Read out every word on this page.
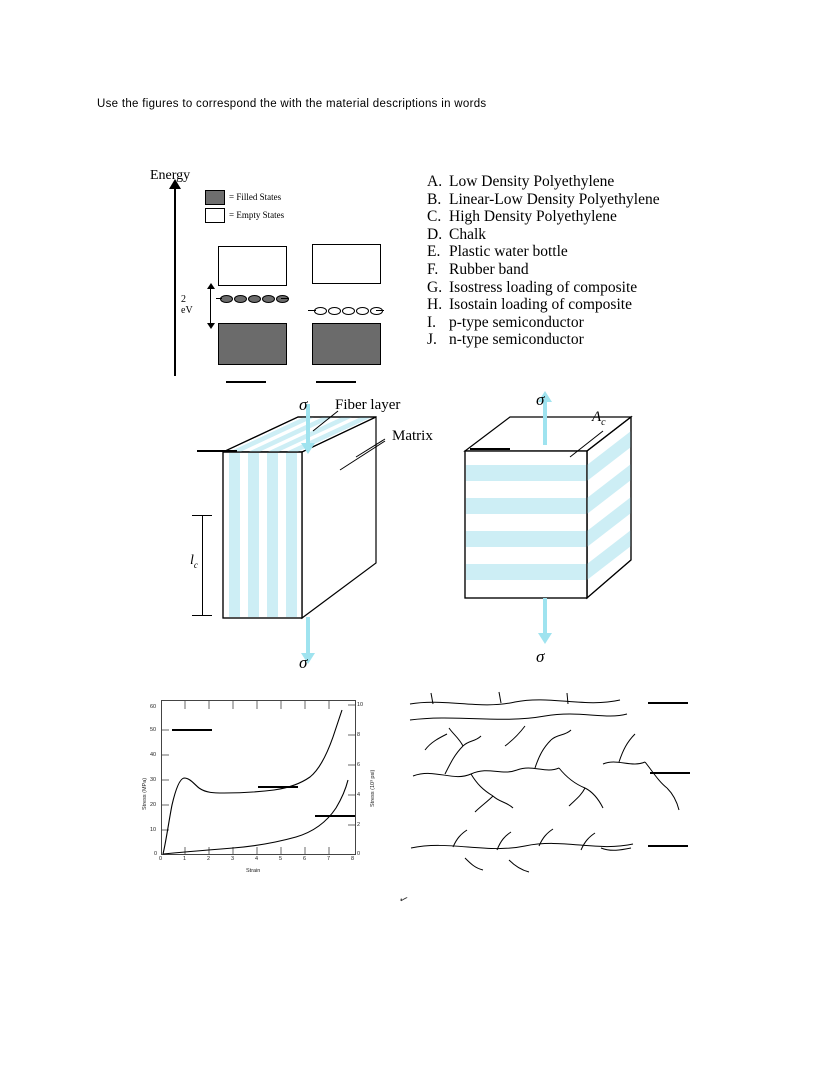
Use the figures to correspond the with the material descriptions in words
A. Low Density Polyethylene
B. Linear-Low Density Polyethylene
C. High Density Polyethylene
D. Chalk
E. Plastic water bottle
F. Rubber band
G. Isostress loading of composite
H. Isostain loading of composite
I. p-type semiconductor
J. n-type semiconductor
Energy
= Filled States
= Empty States
2 eV
σ
σ
Fiber layer
Matrix
$l_c$
σ
σ
$A_c$
0	1	2	3	4	5	6	7	8
0
10
20
30
40
50
60
0
2
4
6
8
10
Strain
Stress (MPa)	Stress (10³ psi)
✓
